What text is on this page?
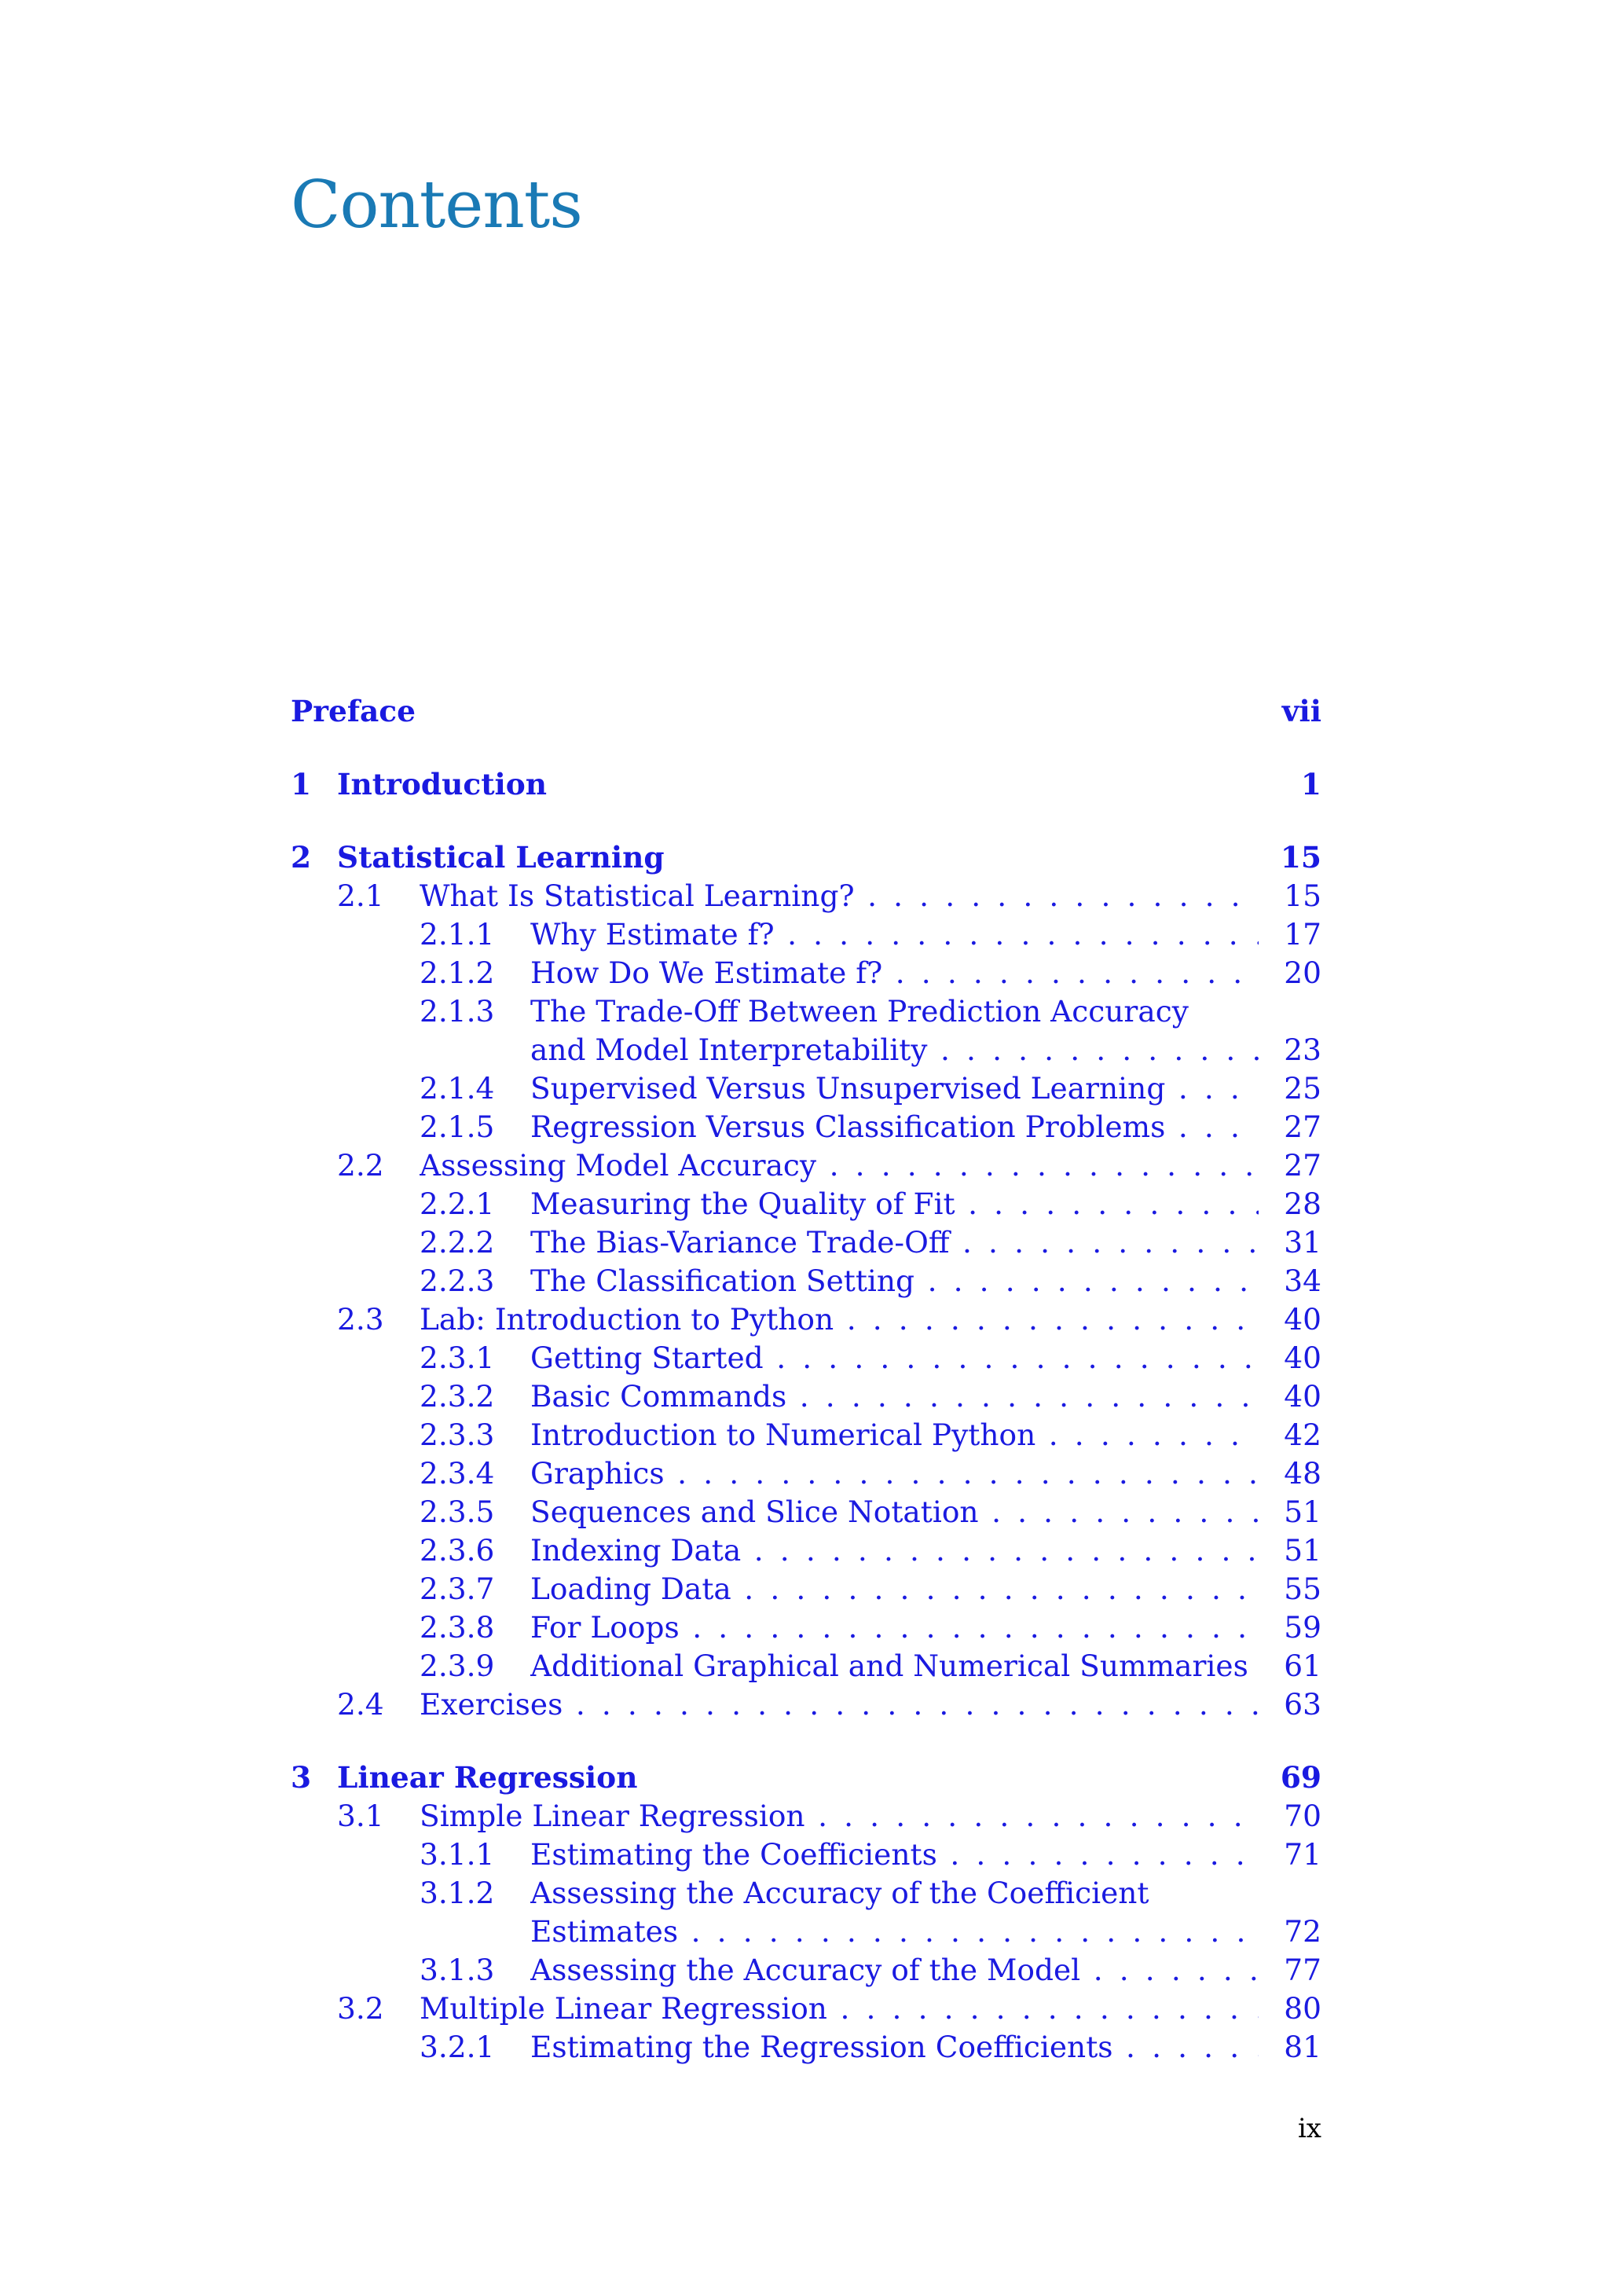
Contents
Preface	vii
1 Introduction	1
2 Statistical Learning	15
2.1 What Is Statistical Learning? . . .	15
2.1.1 Why Estimate f? . . .	17
2.1.2 How Do We Estimate f? . . .	20
2.1.3 The Trade-Off Between Prediction Accuracy
and Model Interpretability . . .	23
2.1.4 Supervised Versus Unsupervised Learning . . .	25
2.1.5 Regression Versus Classification Problems . . .	27
2.2 Assessing Model Accuracy . . .	27
2.2.1 Measuring the Quality of Fit . . .	28
2.2.2 The Bias-Variance Trade-Off . . .	31
2.2.3 The Classification Setting . . .	34
2.3 Lab: Introduction to Python . . .	40
2.3.1 Getting Started . . .	40
2.3.2 Basic Commands . . .	40
2.3.3 Introduction to Numerical Python . . .	42
2.3.4 Graphics . . .	48
2.3.5 Sequences and Slice Notation . . .	51
2.3.6 Indexing Data . . .	51
2.3.7 Loading Data . . .	55
2.3.8 For Loops . . .	59
2.3.9 Additional Graphical and Numerical Summaries . . .	61
2.4 Exercises . . .	63
3 Linear Regression	69
3.1 Simple Linear Regression . . .	70
3.1.1 Estimating the Coefficients . . .	71
3.1.2 Assessing the Accuracy of the Coefficient
Estimates . . .	72
3.1.3 Assessing the Accuracy of the Model . . .	77
3.2 Multiple Linear Regression . . .	80
3.2.1 Estimating the Regression Coefficients . . .	81
ix
